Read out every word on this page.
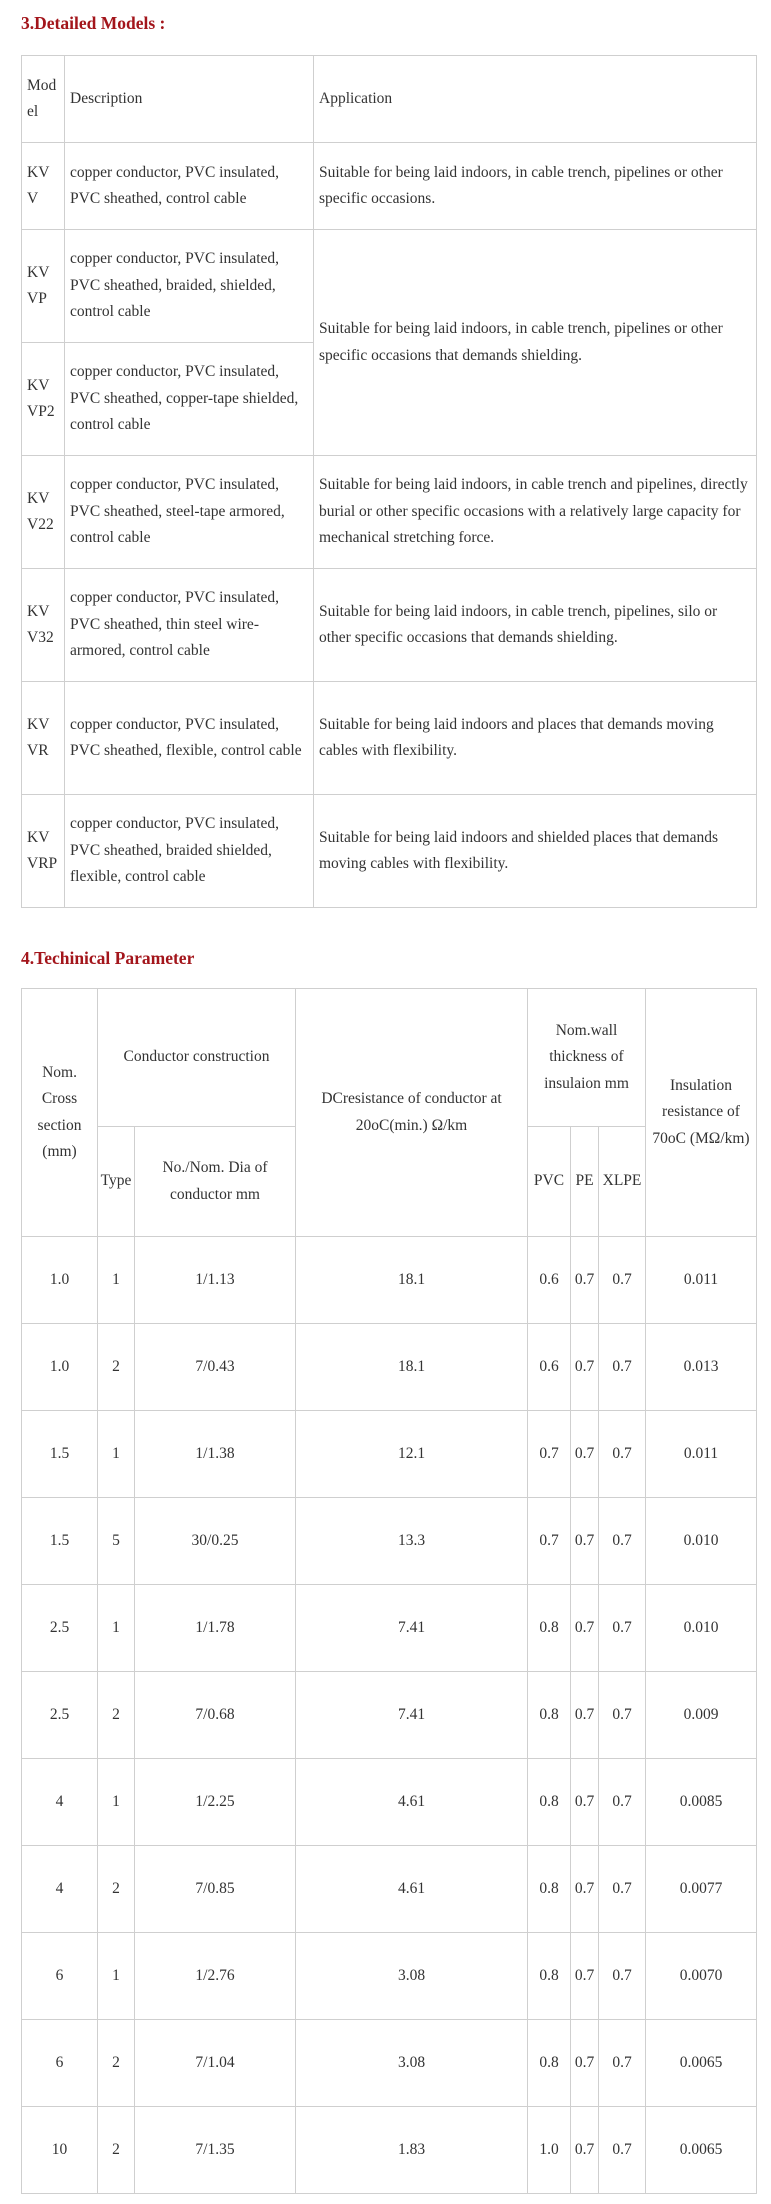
3.Detailed Models :
Model	Description	Application
KVV	copper conductor, PVC insulated, PVC sheathed, control cable	Suitable for being laid indoors, in cable trench, pipelines or other specific occasions.
KVVP	copper conductor, PVC insulated, PVC sheathed, braided, shielded, control cable	Suitable for being laid indoors, in cable trench, pipelines or other specific occasions that demands shielding.
KVVP2	copper conductor, PVC insulated, PVC sheathed, copper-tape shielded, control cable	
KVV22	copper conductor, PVC insulated, PVC sheathed, steel-tape armored, control cable	Suitable for being laid indoors, in cable trench and pipelines, directly burial or other specific occasions with a relatively large capacity for mechanical stretching force.
KVV32	copper conductor, PVC insulated, PVC sheathed, thin steel wire-armored, control cable	Suitable for being laid indoors, in cable trench, pipelines, silo or other specific occasions that demands shielding.
KVVR	copper conductor, PVC insulated, PVC sheathed, flexible, control cable	Suitable for being laid indoors and places that demands moving cables with flexibility.
KVVRP	copper conductor, PVC insulated, PVC sheathed, braided shielded, flexible, control cable	Suitable for being laid indoors and shielded places that demands moving cables with flexibility.
4.Techinical Parameter
Nom. Cross section (mm)	Conductor construction		DCresistance of conductor at 20oC(min.) Ω/km	Nom.wall thickness of insulaion mm			Insulation resistance of 70oC (MΩ/km)
	Type	No./Nom. Dia of conductor mm		PVC	PE	XLPE	
1.0	1	1/1.13	18.1	0.6	0.7	0.7	0.011
1.0	2	7/0.43	18.1	0.6	0.7	0.7	0.013
1.5	1	1/1.38	12.1	0.7	0.7	0.7	0.011
1.5	5	30/0.25	13.3	0.7	0.7	0.7	0.010
2.5	1	1/1.78	7.41	0.8	0.7	0.7	0.010
2.5	2	7/0.68	7.41	0.8	0.7	0.7	0.009
4	1	1/2.25	4.61	0.8	0.7	0.7	0.0085
4	2	7/0.85	4.61	0.8	0.7	0.7	0.0077
6	1	1/2.76	3.08	0.8	0.7	0.7	0.0070
6	2	7/1.04	3.08	0.8	0.7	0.7	0.0065
10	2	7/1.35	1.83	1.0	0.7	0.7	0.0065
